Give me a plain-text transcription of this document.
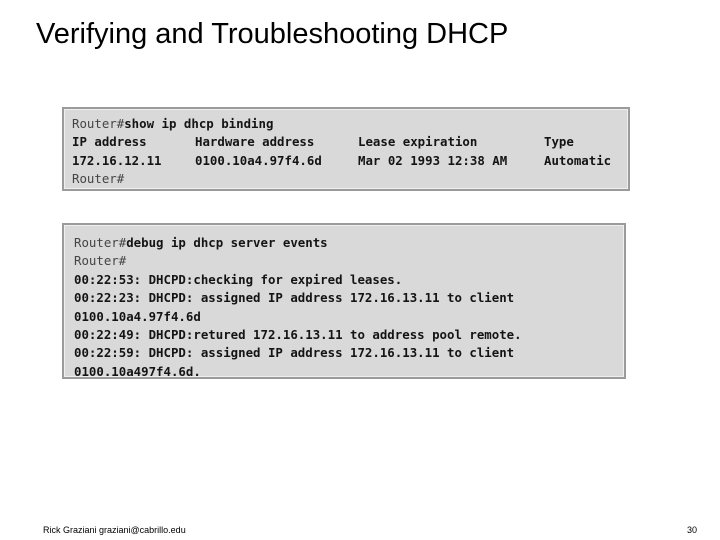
Verifying and Troubleshooting DHCP
Router#show ip dhcp binding
IP address	Hardware address	Lease expiration	Type
172.16.12.11	0100.10a4.97f4.6d	Mar 02 1993 12:38 AM	Automatic
Router#
Router#debug ip dhcp server events
Router#
00:22:53: DHCPD:checking for expired leases.
00:22:23: DHCPD: assigned IP address 172.16.13.11 to client
0100.10a4.97f4.6d
00:22:49: DHCPD:retured 172.16.13.11 to address pool remote.
00:22:59: DHCPD: assigned IP address 172.16.13.11 to client
0100.10a497f4.6d.
Rick Graziani graziani@cabrillo.edu	30
